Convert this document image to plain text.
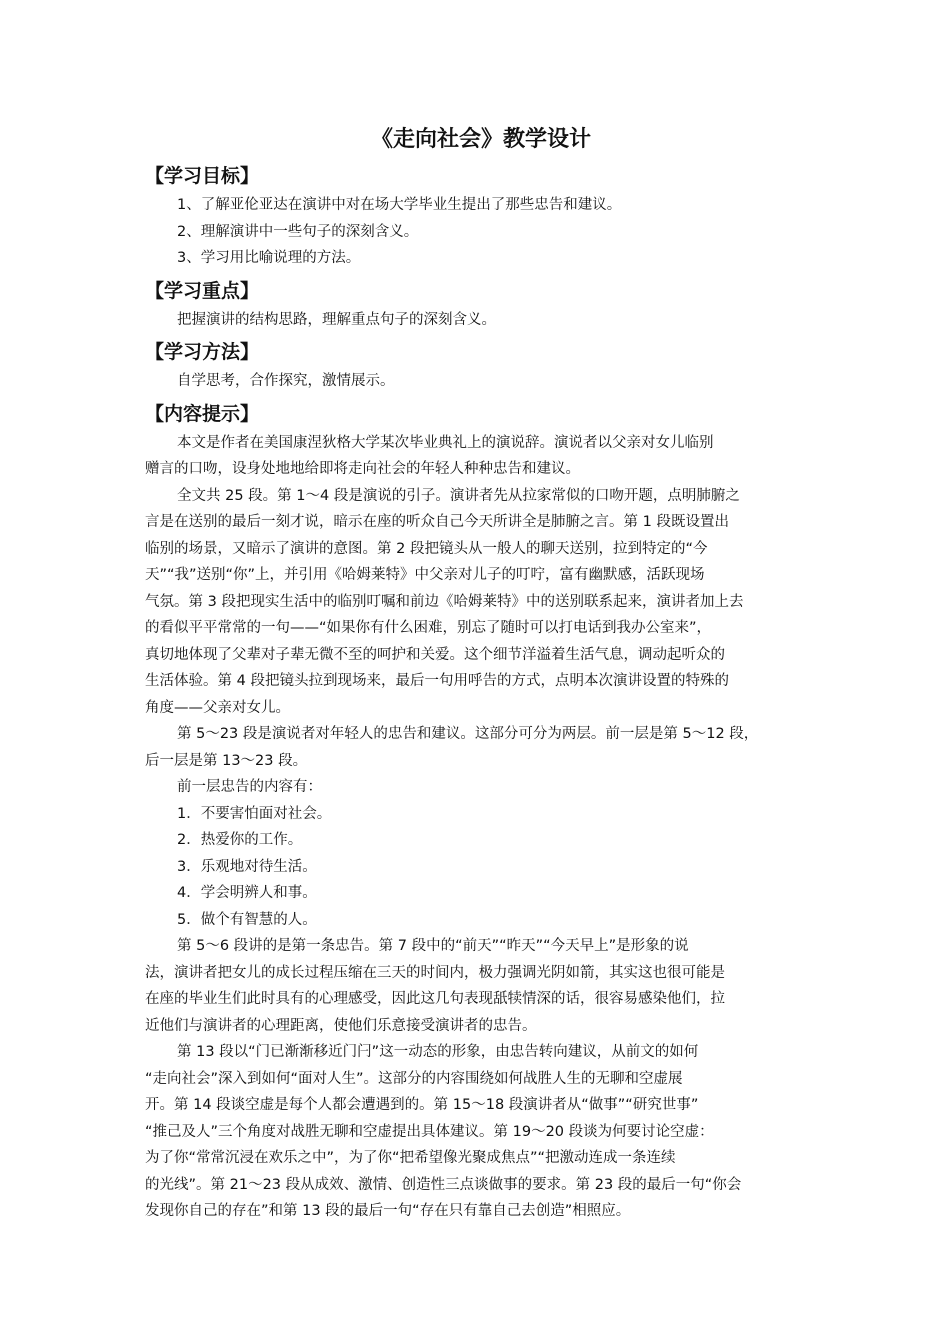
《走向社会》教学设计
【学习目标】

1、了解亚伦亚达在演讲中对在场大学毕业生提出了那些忠告和建议。

2、理解演讲中一些句子的深刻含义。

3、学习用比喻说理的方法。

【学习重点】

把握演讲的结构思路，理解重点句子的深刻含义。

【学习方法】

自学思考，合作探究，激情展示。

【内容提示】

本文是作者在美国康涅狄格大学某次毕业典礼上的演说辞。演说者以父亲对女儿临别

赠言的口吻，设身处地地给即将走向社会的年轻人种种忠告和建议。

全文共 25 段。第 1～4 段是演说的引子。演讲者先从拉家常似的口吻开题，点明肺腑之

言是在送别的最后一刻才说，暗示在座的听众自己今天所讲全是肺腑之言。第 1 段既设置出

临别的场景，又暗示了演讲的意图。第 2 段把镜头从一般人的聊天送别，拉到特定的“今

天”“我”送别“你”上，并引用《哈姆莱特》中父亲对儿子的叮咛，富有幽默感，活跃现场

气氛。第 3 段把现实生活中的临别叮嘱和前边《哈姆莱特》中的送别联系起来，演讲者加上去

的看似平平常常的一句——“如果你有什么困难，别忘了随时可以打电话到我办公室来”，

真切地体现了父辈对子辈无微不至的呵护和关爱。这个细节洋溢着生活气息，调动起听众的

生活体验。第 4 段把镜头拉到现场来，最后一句用呼告的方式，点明本次演讲设置的特殊的

角度——父亲对女儿。

第 5～23 段是演说者对年轻人的忠告和建议。这部分可分为两层。前一层是第 5～12 段，

后一层是第 13～23 段。

前一层忠告的内容有：

1．不要害怕面对社会。

2．热爱你的工作。

3．乐观地对待生活。

4．学会明辨人和事。

5．做个有智慧的人。

第 5～6 段讲的是第一条忠告。第 7 段中的“前天”“昨天”“今天早上”是形象的说

法，演讲者把女儿的成长过程压缩在三天的时间内，极力强调光阴如箭，其实这也很可能是

在座的毕业生们此时具有的心理感受，因此这几句表现舐犊情深的话，很容易感染他们，拉

近他们与演讲者的心理距离，使他们乐意接受演讲者的忠告。

第 13 段以“门已渐渐移近门闩”这一动态的形象，由忠告转向建议，从前文的如何

“走向社会”深入到如何“面对人生”。这部分的内容围绕如何战胜人生的无聊和空虚展

开。第 14 段谈空虚是每个人都会遭遇到的。第 15～18 段演讲者从“做事”“研究世事”

“推己及人”三个角度对战胜无聊和空虚提出具体建议。第 19～20 段谈为何要讨论空虚：

为了你“常常沉浸在欢乐之中”，为了你“把希望像光聚成焦点”“把激动连成一条连续

的光线”。第 21～23 段从成效、激情、创造性三点谈做事的要求。第 23 段的最后一句“你会

发现你自己的存在”和第 13 段的最后一句“存在只有靠自己去创造”相照应。
